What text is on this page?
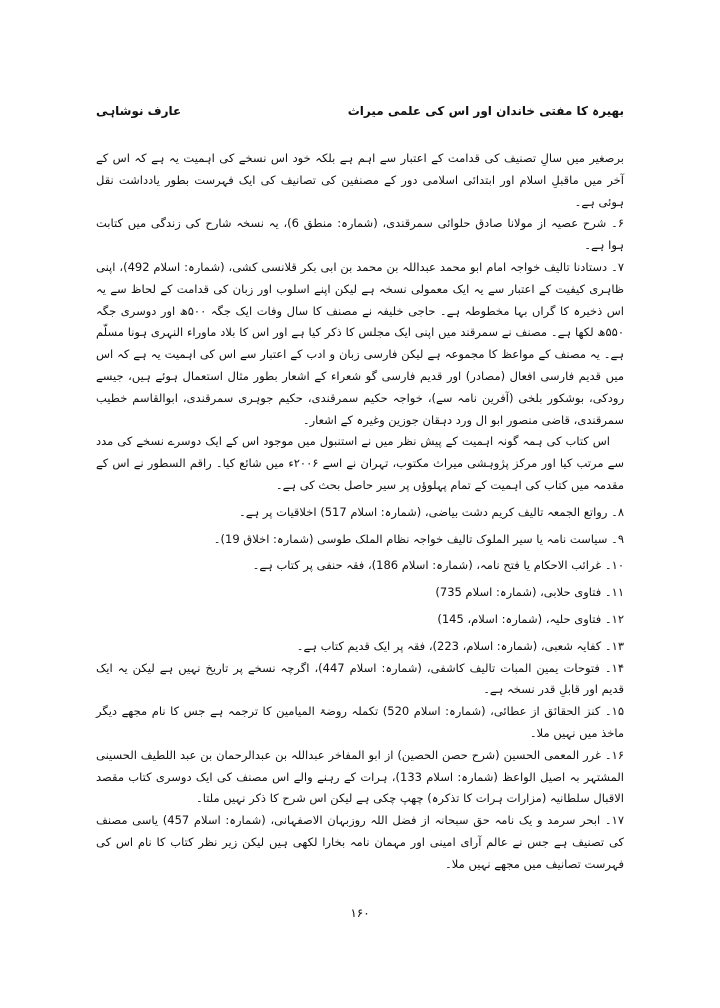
بھیرہ کا مفتی خاندان اور اس کی علمی میراث
عارف نوشاہی

برصغیر میں سالِ تصنیف کی قدامت کے اعتبار سے اہم ہے بلکہ خود اس نسخے کی اہمیت یہ ہے کہ اس کے آخر میں ماقبلِ اسلام اور ابتدائی اسلامی دور کے مصنفین کی تصانیف کی ایک فہرست بطور یادداشت نقل ہوئی ہے۔

۶۔ شرح عصیہ از مولانا صادق حلوائی سمرقندی، (شمارہ: منطق 6)، یہ نسخہ شارح کی زندگی میں کتابت ہوا ہے۔

۷۔ دستادنا تالیف خواجہ امام ابو محمد عبداللہ بن محمد بن ابی بکر قلانسی کشی، (شمارہ: اسلام 492)، اپنی ظاہری کیفیت کے اعتبار سے یہ ایک معمولی نسخہ ہے لیکن اپنے اسلوب اور زبان کی قدامت کے لحاظ سے یہ اس ذخیرہ کا گراں بہا مخطوطہ ہے۔ حاجی خلیفہ نے مصنف کا سال وفات ایک جگہ ۵۰۰ھ اور دوسری جگہ ۵۵۰ھ لکھا ہے۔ مصنف نے سمرقند میں اپنی ایک مجلس کا ذکر کیا ہے اور اس کا بلاد ماوراء النہری ہونا مسلّم ہے۔ یہ مصنف کے مواعظ کا مجموعہ ہے لیکن فارسی زبان و ادب کے اعتبار سے اس کی اہمیت یہ ہے کہ اس میں قدیم فارسی افعال (مصادر) اور قدیم فارسی گو شعراء کے اشعار بطور مثال استعمال ہوئے ہیں، جیسے رودکی، بوشکور بلخی (آفرین نامہ سے)، خواجہ حکیم سمرقندی، حکیم جوہری سمرقندی، ابوالقاسم خطیب سمرقندی، قاضی منصور ابو ال ورد دہقان جوزین وغیرہ کے اشعار۔

اس کتاب کی ہمہ گونہ اہمیت کے پیش نظر میں نے استنبول میں موجود اس کے ایک دوسرے نسخے کی مدد سے مرتب کیا اور مرکز پژوہشی میراث مکتوب، تہران نے اسے ۲۰۰۶ء میں شائع کیا۔ راقم السطور نے اس کے مقدمہ میں کتاب کی اہمیت کے تمام پہلوؤں پر سیر حاصل بحث کی ہے۔

۸۔ رواتع الجمعہ تالیف کریم دشت بیاضی، (شمارہ: اسلام 517) اخلاقیات پر ہے۔

۹۔ سیاست نامہ یا سیر الملوک تالیف خواجہ نظام الملک طوسی (شمارہ: اخلاق 19)۔

۱۰۔ غرائب الاحکام یا فتح نامہ، (شمارہ: اسلام 186)، فقہ حنفی پر کتاب ہے۔

۱۱۔ فتاوی حلابی، (شمارہ: اسلام 735)

۱۲۔ فتاوی حلیہ، (شمارہ: اسلام، 145)

۱۳۔ کفایہ شعبی، (شمارہ: اسلام، 223)، فقہ پر ایک قدیم کتاب ہے۔

۱۴۔ فتوحات یمین المبات تالیف کاشفی، (شمارہ: اسلام 447)، اگرچہ نسخے پر تاریخ نہیں ہے لیکن یہ ایک قدیم اور قابلِ قدر نسخہ ہے۔

۱۵۔ کنز الحقائق از عطائی، (شمارہ: اسلام 520) تکملہ روضۃ المیامین کا ترجمہ ہے جس کا نام مجھے دیگر ماخذ میں نہیں ملا۔

۱۶۔ غرر المعمی الحسین (شرح حصن الحصین) از ابو المفاخر عبداللہ بن عبدالرحمان بن عبد اللطیف الحسینی المشتہر بہ اصیل الواعظ (شمارہ: اسلام 133)، ہرات کے رہنے والے اس مصنف کی ایک دوسری کتاب مقصد الاقبال سلطانیہ (مزارات ہرات کا تذکرہ) چھپ چکی ہے لیکن اس شرح کا ذکر نہیں ملتا۔

۱۷۔ ابحر سرمد و یک نامہ حق سبحانہ از فضل اللہ روزبہان الاصفہانی، (شمارہ: اسلام 457) یاسی مصنف کی تصنیف ہے جس نے عالم آرای امینی اور مہمان نامہ بخارا لکھی ہیں لیکن زیر نظر کتاب کا نام اس کی فہرست تصانیف میں مجھے نہیں ملا۔

۱۶۰
